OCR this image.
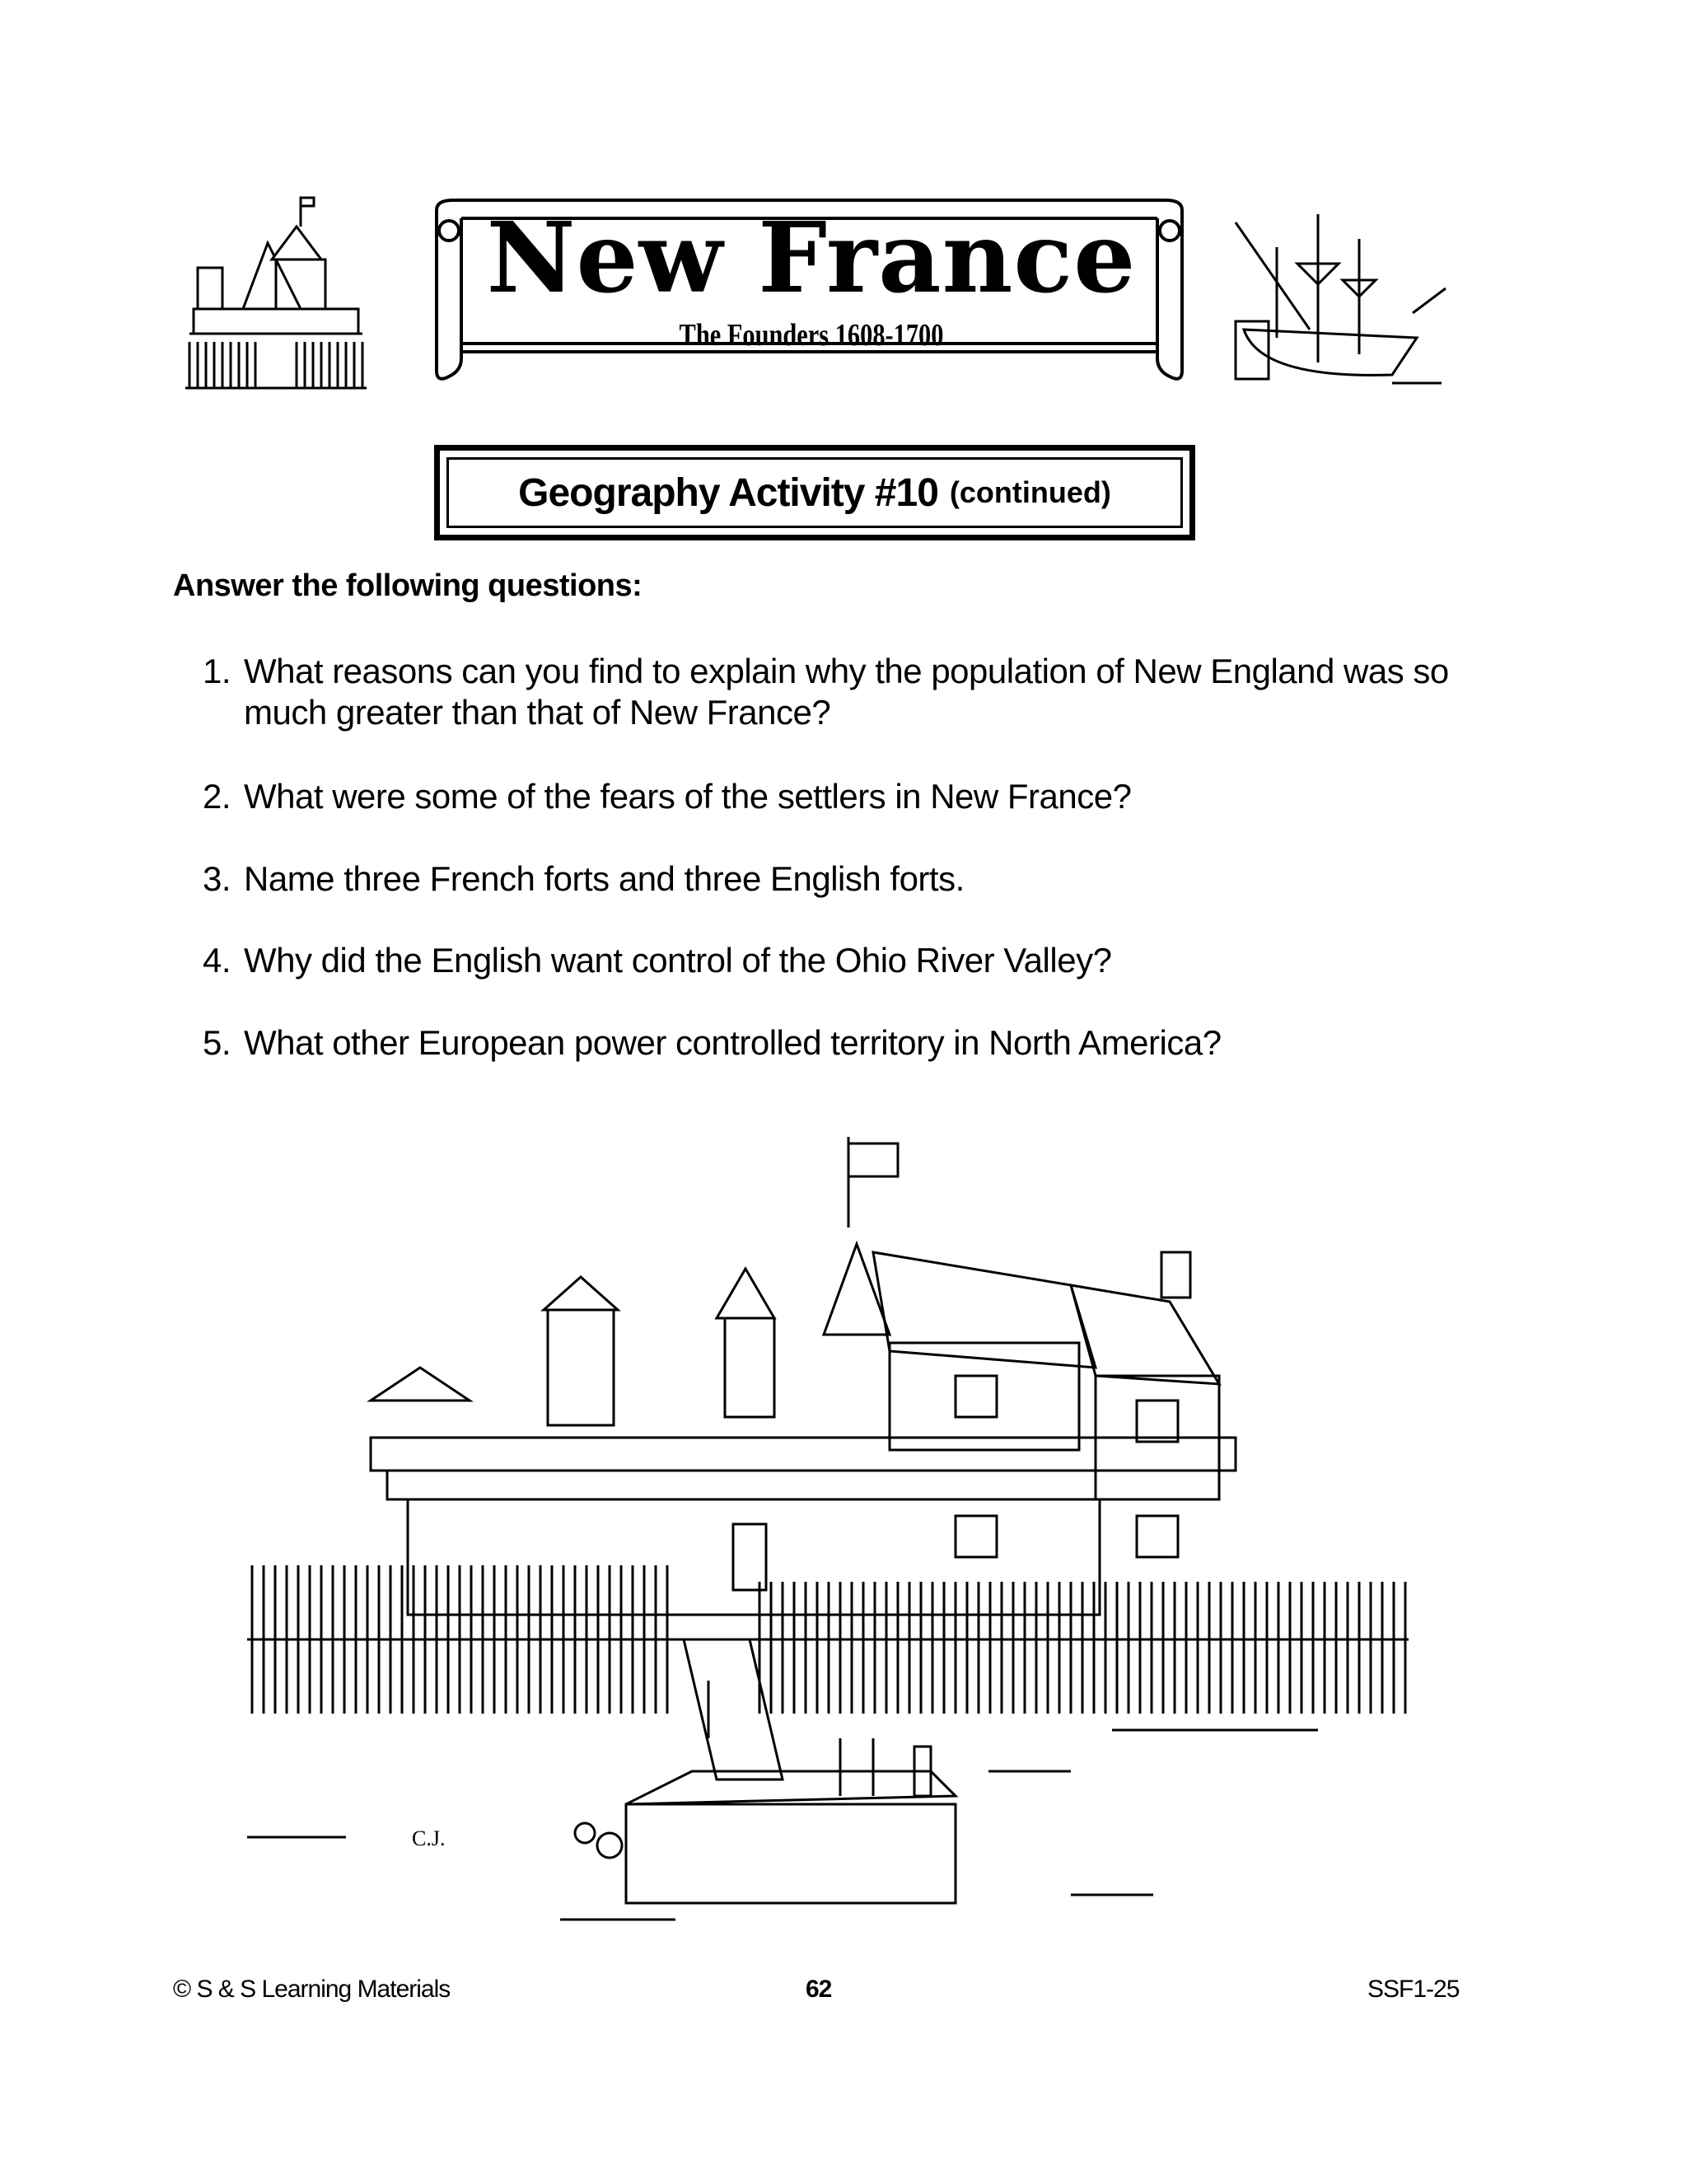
New France
The Founders 1608-1700
Geography Activity #10 (continued)
Answer the following questions:
1. What reasons can you find to explain why the population of New England was so much greater than that of New France?
2. What were some of the fears of the settlers in New France?
3. Name three French forts and three English forts.
4. Why did the English want control of the Ohio River Valley?
5. What other European power controlled territory in North America?
C.J.
© S & S Learning Materials	62	SSF1-25
